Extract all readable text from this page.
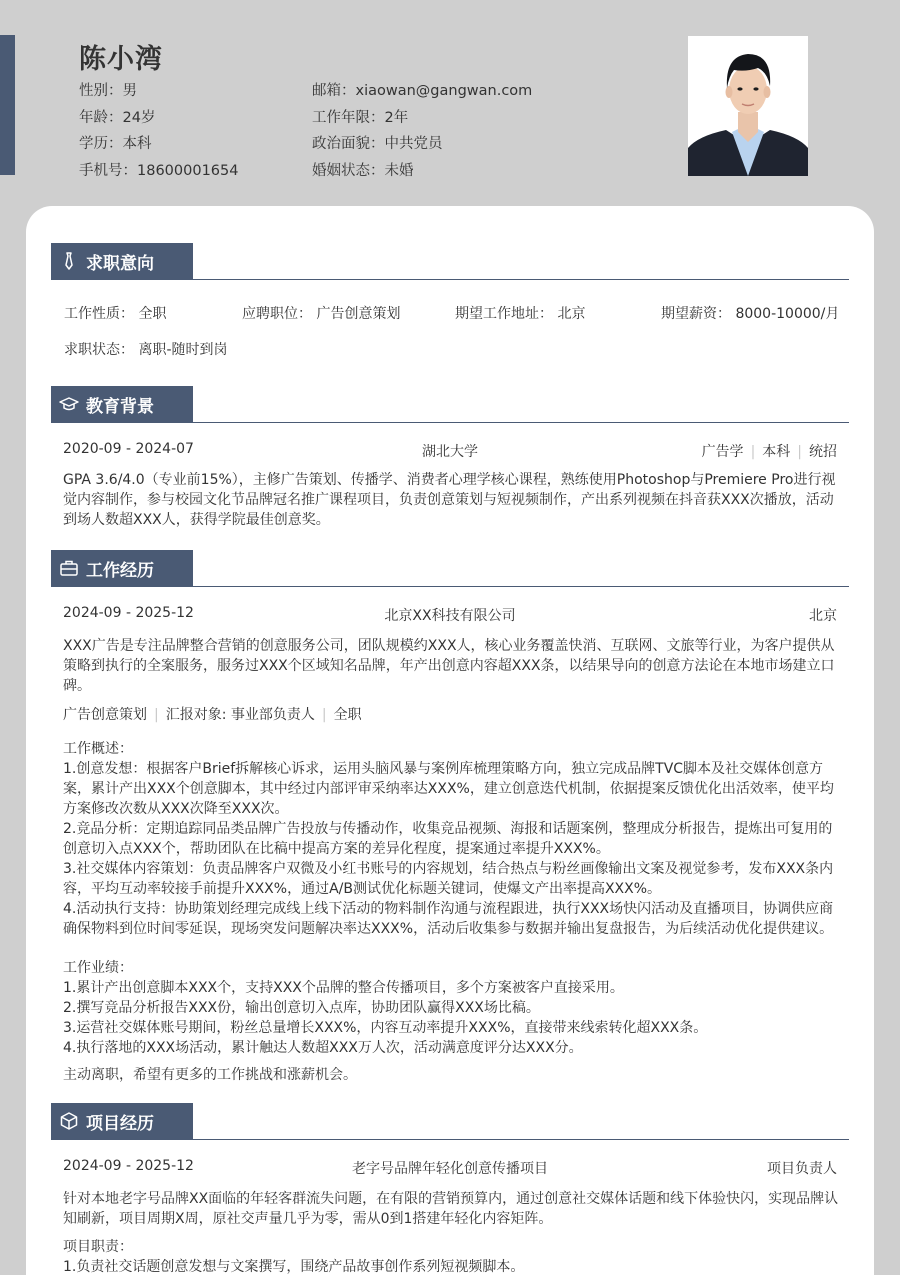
陈小湾
性别：男
年龄：24岁
学历：本科
手机号：18600001654
邮箱：xiaowan@gangwan.com
工作年限：2年
政治面貌：中共党员
婚姻状态：未婚
求职意向
工作性质： 全职	应聘职位： 广告创意策划	期望工作地址： 北京	期望薪资： 8000-10000/月
求职状态： 离职-随时到岗
教育背景
2020-09 - 2024-07	湖北大学	广告学 | 本科 | 统招
GPA 3.6/4.0（专业前15%），主修广告策划、传播学、消费者心理学核心课程，熟练使用Photoshop与Premiere Pro进行视觉内容制作，参与校园文化节品牌冠名推广课程项目，负责创意策划与短视频制作，产出系列视频在抖音获XXX次播放，活动到场人数超XXX人，获得学院最佳创意奖。
工作经历
2024-09 - 2025-12	北京XX科技有限公司	北京
XXX广告是专注品牌整合营销的创意服务公司，团队规模约XXX人，核心业务覆盖快消、互联网、文旅等行业，为客户提供从策略到执行的全案服务，服务过XXX个区域知名品牌，年产出创意内容超XXX条，以结果导向的创意方法论在本地市场建立口碑。
广告创意策划 | 汇报对象: 事业部负责人 | 全职
工作概述：
1.创意发想：根据客户Brief拆解核心诉求，运用头脑风暴与案例库梳理策略方向，独立完成品牌TVC脚本及社交媒体创意方案，累计产出XXX个创意脚本，其中经过内部评审采纳率达XXX%，建立创意迭代机制，依据提案反馈优化出活效率，使平均方案修改次数从XXX次降至XXX次。
2.竞品分析：定期追踪同品类品牌广告投放与传播动作，收集竞品视频、海报和话题案例，整理成分析报告，提炼出可复用的创意切入点XXX个，帮助团队在比稿中提高方案的差异化程度，提案通过率提升XXX%。
3.社交媒体内容策划：负责品牌客户双微及小红书账号的内容规划，结合热点与粉丝画像输出文案及视觉参考，发布XXX条内容，平均互动率较接手前提升XXX%，通过A/B测试优化标题关键词，使爆文产出率提高XXX%。
4.活动执行支持：协助策划经理完成线上线下活动的物料制作沟通与流程跟进，执行XXX场快闪活动及直播项目，协调供应商确保物料到位时间零延误，现场突发问题解决率达XXX%，活动后收集参与数据并输出复盘报告，为后续活动优化提供建议。
工作业绩：
1.累计产出创意脚本XXX个，支持XXX个品牌的整合传播项目，多个方案被客户直接采用。
2.撰写竞品分析报告XXX份，输出创意切入点库，协助团队赢得XXX场比稿。
3.运营社交媒体账号期间，粉丝总量增长XXX%，内容互动率提升XXX%，直接带来线索转化超XXX条。
4.执行落地的XXX场活动，累计触达人数超XXX万人次，活动满意度评分达XXX分。
主动离职，希望有更多的工作挑战和涨薪机会。
项目经历
2024-09 - 2025-12	老字号品牌年轻化创意传播项目	项目负责人
针对本地老字号品牌XX面临的年轻客群流失问题，在有限的营销预算内，通过创意社交媒体话题和线下体验快闪，实现品牌认知刷新，项目周期X周，原社交声量几乎为零，需从0到1搭建年轻化内容矩阵。
项目职责：
1.负责社交话题创意发想与文案撰写，围绕产品故事创作系列短视频脚本。
